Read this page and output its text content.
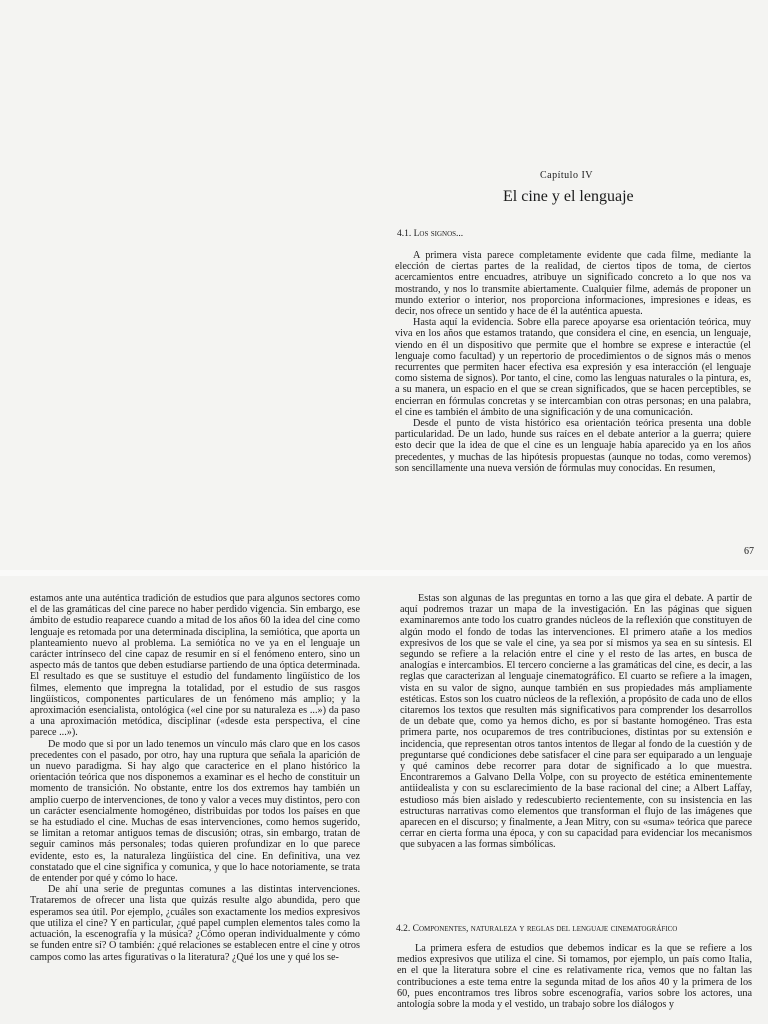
Capítulo IV
El cine y el lenguaje
4.1. Los signos...

A primera vista parece completamente evidente que cada filme, mediante la elección de ciertas partes de la realidad, de ciertos tipos de toma, de ciertos acercamientos entre encuadres, atribuye un significado concreto a lo que nos va mostrando, y nos lo transmite abiertamente. Cualquier filme, además de proponer un mundo exterior o interior, nos proporciona informaciones, impresiones e ideas, es decir, nos ofrece un sentido y hace de él la auténtica apuesta.

Hasta aquí la evidencia. Sobre ella parece apoyarse esa orientación teórica, muy viva en los años que estamos tratando, que considera el cine, en esencia, un lenguaje, viendo en él un dispositivo que permite que el hombre se exprese e interactúe (el lenguaje como facultad) y un repertorio de procedimientos o de signos más o menos recurrentes que permiten hacer efectiva esa expresión y esa interacción (el lenguaje como sistema de signos). Por tanto, el cine, como las lenguas naturales o la pintura, es, a su manera, un espacio en el que se crean significados, que se hacen perceptibles, se encierran en fórmulas concretas y se intercambian con otras personas; en una palabra, el cine es también el ámbito de una significación y de una comunicación.

Desde el punto de vista histórico esa orientación teórica presenta una doble particularidad. De un lado, hunde sus raíces en el debate anterior a la guerra; quiere esto decir que la idea de que el cine es un lenguaje había aparecido ya en los años precedentes, y muchas de las hipótesis propuestas (aunque no todas, como veremos) son sencillamente una nueva versión de fórmulas muy conocidas. En resumen,

67

estamos ante una auténtica tradición de estudios que para algunos sectores como el de las gramáticas del cine parece no haber perdido vigencia. Sin embargo, ese ámbito de estudio reaparece cuando a mitad de los años 60 la idea del cine como lenguaje es retomada por una determinada disciplina, la semiótica, que aporta un planteamiento nuevo al problema. La semiótica no ve ya en el lenguaje un carácter intrínseco del cine capaz de resumir en sí el fenómeno entero, sino un aspecto más de tantos que deben estudiarse partiendo de una óptica determinada. El resultado es que se sustituye el estudio del fundamento lingüístico de los filmes, elemento que impregna la totalidad, por el estudio de sus rasgos lingüísticos, componentes particulares de un fenómeno más amplio; y la aproximación esencialista, ontológica («el cine por su naturaleza es ...») da paso a una aproximación metódica, disciplinar («desde esta perspectiva, el cine parece ...»).

De modo que si por un lado tenemos un vínculo más claro que en los casos precedentes con el pasado, por otro, hay una ruptura que señala la aparición de un nuevo paradigma. Si hay algo que caracterice en el plano histórico la orientación teórica que nos disponemos a examinar es el hecho de constituir un momento de transición. No obstante, entre los dos extremos hay también un amplio cuerpo de intervenciones, de tono y valor a veces muy distintos, pero con un carácter esencialmente homogéneo, distribuidas por todos los países en que se ha estudiado el cine. Muchas de esas intervenciones, como hemos sugerido, se limitan a retomar antiguos temas de discusión; otras, sin embargo, tratan de seguir caminos más personales; todas quieren profundizar en lo que parece evidente, esto es, la naturaleza lingüística del cine. En definitiva, una vez constatado que el cine significa y comunica, y que lo hace notoriamente, se trata de entender por qué y cómo lo hace.

De ahí una serie de preguntas comunes a las distintas intervenciones. Trataremos de ofrecer una lista que quizás resulte algo abundida, pero que esperamos sea útil. Por ejemplo, ¿cuáles son exactamente los medios expresivos que utiliza el cine? Y en particular, ¿qué papel cumplen elementos tales como la actuación, la escenografía y la música? ¿Cómo operan individualmente y cómo se funden entre sí? O también: ¿qué relaciones se establecen entre el cine y otros campos como las artes figurativas o la literatura? ¿Qué los une y qué los se-

Estas son algunas de las preguntas en torno a las que gira el debate. A partir de aquí podremos trazar un mapa de la investigación. En las páginas que siguen examinaremos ante todo los cuatro grandes núcleos de la reflexión que constituyen de algún modo el fondo de todas las intervenciones. El primero atañe a los medios expresivos de los que se vale el cine, ya sea por sí mismos ya sea en su síntesis. El segundo se refiere a la relación entre el cine y el resto de las artes, en busca de analogías e intercambios. El tercero concierne a las gramáticas del cine, es decir, a las reglas que caracterizan al lenguaje cinematográfico. El cuarto se refiere a la imagen, vista en su valor de signo, aunque también en sus propiedades más ampliamente estéticas. Estos son los cuatro núcleos de la reflexión, a propósito de cada uno de ellos citaremos los textos que resulten más significativos para comprender los desarrollos de un debate que, como ya hemos dicho, es por sí bastante homogéneo. Tras esta primera parte, nos ocuparemos de tres contribuciones, distintas por su extensión e incidencia, que representan otros tantos intentos de llegar al fondo de la cuestión y de preguntarse qué condiciones debe satisfacer el cine para ser equiparado a un lenguaje y qué caminos debe recorrer para dotar de significado a lo que muestra. Encontraremos a Galvano Della Volpe, con su proyecto de estética eminentemente antiidealista y con su esclarecimiento de la base racional del cine; a Albert Laffay, estudioso más bien aislado y redescubierto recientemente, con su insistencia en las estructuras narrativas como elementos que transforman el flujo de las imágenes que aparecen en el discurso; y finalmente, a Jean Mitry, con su «suma» teórica que parece cerrar en cierta forma una época, y con su capacidad para evidenciar los mecanismos que subyacen a las formas simbólicas.

4.2. Componentes, naturaleza y reglas del lenguaje cinematográfico

La primera esfera de estudios que debemos indicar es la que se refiere a los medios expresivos que utiliza el cine. Si tomamos, por ejemplo, un país como Italia, en el que la literatura sobre el cine es relativamente rica, vemos que no faltan las contribuciones a este tema entre la segunda mitad de los años 40 y la primera de los 60, pues encontramos tres libros sobre escenografía, varios sobre los actores, una antología sobre la moda y el vestido, un trabajo sobre los diálogos y
